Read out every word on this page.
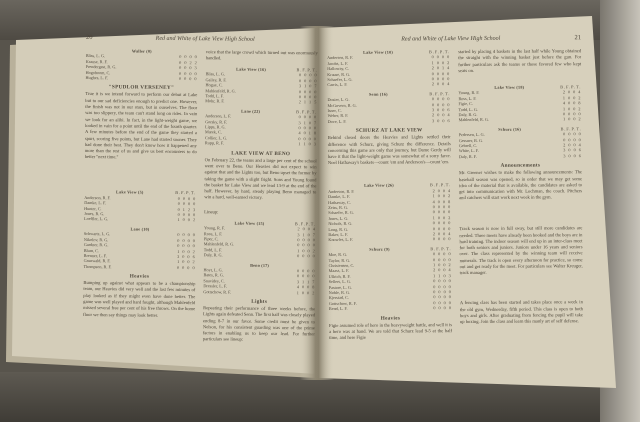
20	Red and White of Lake View High School
Waller (0)
Bliss, L. G.	0 0 0 0
Krause, R. F.	0 0 2 2
Prendergast, R. G.	0 0 0 3
Hogoboom, C.	0 0 0 0
Hughes, L. F.	0 0 0 0
"SPUDLOR VERSENEY"
True it is we intend forward to perform our debut at Lake but to our sad deficiencies enough to predict one. However, the finish was not in our stars, but in ourselves. The floor was too slippery, the team can't stand long on rides. In vain we look for an alibi. In fact, in the light-weight game, we looked in vain for a point until the end of the fourth quarter. A few minutes before the end of the game they started a spurt, scoring five points, but Lane had started sooner. They had done their best. They don't know how it happened any more than the rest of us and give us best encounters to do better "next time."
Lake View (5)	B.F.P.T.
Anderson, R. F.	0 0 0 0
Damke, L. F.	0 0 0 0
Hunter, C.	0 1 2 3
Jones, R. G.	0 0 0 0
Loeffler, L. G.	1 0 0 2
Lane (10)
Schwartz, L. G.	0 0 0 0
Nikolov, R. G.	0 0 0 0
Gardner, R. G.	0 0 0 0
Blum, C.	1 0 0 2
Brenner, L. F.	3 0 0 6
Grunwald, R. F.	1 0 0 2
Thompson, R. F.	0 0 0 0
Heavies
Bumping up against what appears to be a championship team, our Heavies did very well and the last few minutes of play looked as if they might even have done better. The game was well played and hard fought, although Mahlenfeld missed several free per cent of his free throws. On the home floor we then say things may look better.
voice that the large crowd which turned out was enormously handled.
Lake View (16)	B.F.P.T.
Bliss, L. G.	0 0 0 0
Gailey, R. F.	0 0 0 0
Hogue, C.	3 1 0 7
Mahlenfeld, R. G.	0 0 0 0
Todd, L. F.	0 0 0 0
Mohr, R. F.	2 1 1 5
Lane (22)	B.F.P.T.
Anderson, L. F.	0 0 0 0
Gorsky, R. F.	3 1 0 7
Lipps, R. G.	0 0 0 0
Marek, C.	4 0 1 8
Collier, L. G.	0 0 0 0
Rupp, R. F.	1 1 0 3
LAKE VIEW AT BENO
On February 22, the teams and a large per cent of the school went over to Beno. Our Heavies did not expect to win against that and the Lights too, but Beno upset the former by taking the game with a slight fright. Sons and Young found the basket for Lake View and we lead 13-9 at the end of the half. However, by hard, steady playing Beno managed to win a hard, well-earned victory.
Lineup:
Lake View (15)	B.F.P.T.
Young, R. F.	2 0 0 4
Roos, L. F.	3 1 0 7
Piper, C.	0 0 0 0
Mahlenfeld, R. G.	0 0 0 0
Todd, L. F.	1 0 0 2
Daly, R. G.	0 0 0 0
Beno (17)
Hoyt, L. G.	0 0 0 0
Bates, R. G.	0 0 0 0
Snavidey, C.	3 1 1 7
Dressler, L. F.	4 0 0 8
Gottschow, R. F.	1 0 0 2
Lights
Repeating their performance of three weeks before, the Lights again defeated Senn. The first half was closely played ending 8-7 in our favor. Some credit must be given to Nelson, for his consistent guarding was one of the prime factors in enabling us to keep our lead. For further particulars see lineup:
Red and White of Lake View High School	21
Lake View (10)	B.F.P.T.
Andersen, R. F.	0 0 0 0
Jacobs, L. F.	1 0 0 2
Halloway, C.	2 0 1 4
Krause, R. G.	0 0 0 0
Schaefer, L. G.	0 0 0 0
Carris, L. F.	2 0 0 4
Senn (16)	B.F.P.T.
Dozier, L. G.	0 0 0 0
McGovern, R. G.	0 0 0 0
Isner, C.	3 0 0 6
Weber, R. F.	2 0 0 4
Dove, L. F.	3 0 0 6
SCHURZ AT LAKE VIEW
Behind closed doors the Heavies and Lights settled their difference with Schurz, giving Schurz the difference. Details concerning this game are only that journey, but Dame Gerdy will have it that the light-weight game was somewhat of a sorry farce. Noel Hathaway's baskets—count 'em and Anderson's—count 'em.
Lake View (26)	B.F.P.T.
Anderson, R. F.	2 0 0 4
Damke, L. F.	1 0 0 2
Hathaway, C.	4 0 0 8
Zeiss, R. G.	0 0 0 0
Schaefer, R. G.	0 0 0 0
Jones, L. G.	1 0 0 2
Nichols, R. G.	0 0 0 0
Long, R. G.	0 0 0 0
Baker, L. F.	2 0 0 4
Knowles, L. F.	0 0 0 0
Schurz (9)	B.F.P.T.
Moe, R. G.	0 0 0 0
Taylor, R. G.	0 0 0 0
Christensen, C.	1 0 0 2
Maass, L. F.	2 0 0 4
Ullrich, R. F.	1 1 0 3
Sellers, L. G.	0 0 0 0
Pastore, L. G.	0 0 0 0
Noble, R. G.	0 0 0 0
Kjerstad, C.	0 0 0 0
Gottschow, R. F.	0 0 0 0
Bend, L. F.	0 0 0 0
Heavies
Figie assumed role of hero in the heavyweight battle, and well it is a hero was at hand. We are told that Schurz lead 9-5 at the half time, and here Figie
started by placing 4 baskets in the last half while Young obtained the straight with the winning basket just before the gun. For further particulars ask the teams or those favored few who kept seats on.
Lake View (18)	B.F.P.T.
Young, R. F.	2 0 0 4
Ross, L. F.	1 0 0 2
Figie, C.	4 0 0 8
Todd, L. G.	1 0 0 2
Daly, R. G.	0 0 0 0
Mahlenfeld, R. G.	1 0 0 2
Schurz (16)	B.F.P.T.
Pedersen, L. G.	0 0 0 0
Gessner, R. G.	0 0 0 0
Gebrell, C.	2 0 0 4
White, L. F.	3 0 0 6
Daly, R. F.	3 0 0 6
Announcements
Mr. Greener wishes to make the following announcements: The baseball season was opened, so in order that we may get some idea of the material that is available, the candidates are asked to get into communication with Mr. Lochman, the coach. Pitchers and catchers will start work next week in the gym.
Track season is now in full sway, but still more candidates are needed. Three meets have already been booked and the boys are in hard training. The indoor season will end up in an inter-class meet for both seniors and juniors. Juniors under 16 years and seniors over. The class represented by the winning team will receive numerals. The track is open every afternoon for practice, so come out and get ready for the meet. For particulars see Walter Kreuger, track manager.
A fencing class has been started and takes place once a week in the old gym, Wednesday, fifth period. This class is open to both boys and girls. After graduating from fencing the pupil will take up boxing. Join the class and learn this manly art of self defense.
